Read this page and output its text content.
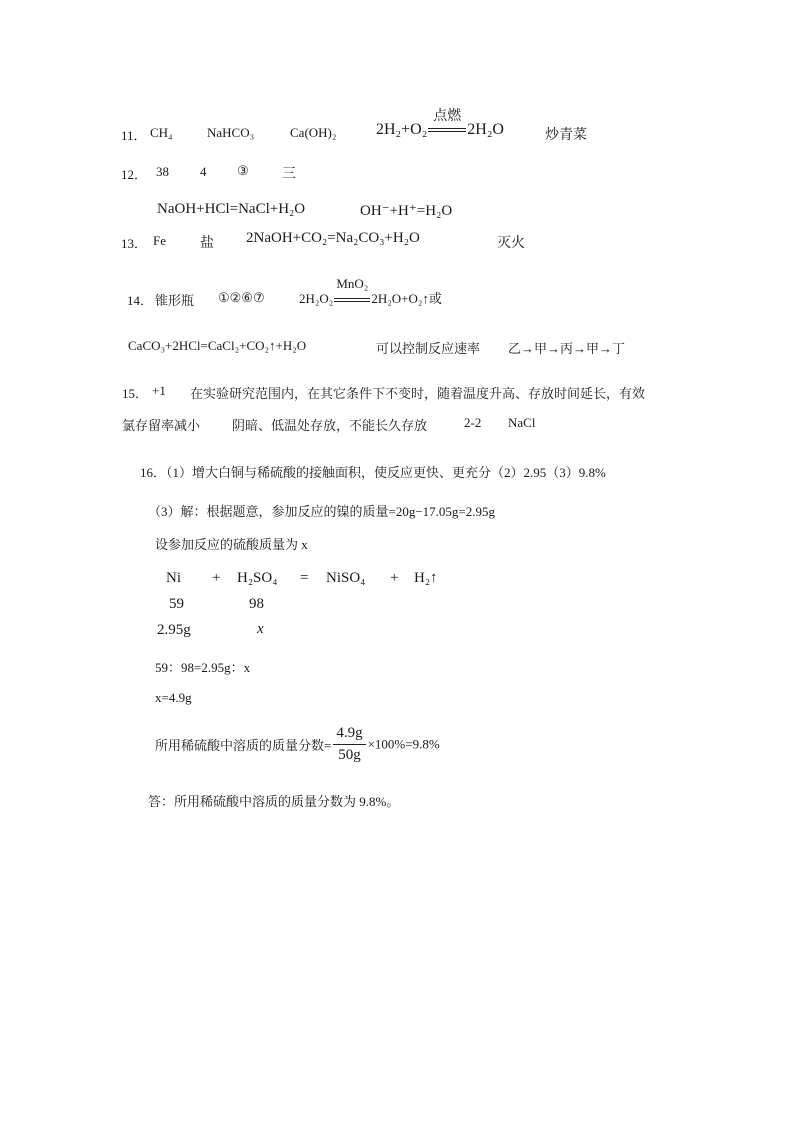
11． CH₄	NaHCO₃	Ca(OH)₂ 2H₂+O₂
点燃
2H₂O	炒青菜
12． 38 4 ③ 三
NaOH+HCl=NaCl+H₂O	OH⁻+H⁺=H₂O
13． Fe 盐 2NaOH+CO₂=Na₂CO₃+H₂O	灭火
14． 锥形瓶 ①②⑥⑦	2H₂O₂
MnO₂
2H₂O+O₂↑或
CaCO₃+2HCl=CaCl₂+CO₂↑+H₂O	可以控制反应速率 乙→甲→丙→甲→丁
15． +1 在实验研究范围内，在其它条件下不变时，随着温度升高、存放时间延长，有效
氯存留率减小 阴暗、低温处存放，不能长久存放	2-2 NaCl
16．（1）增大白铜与稀硫酸的接触面积，使反应更快、更充分（2）2.95（3）9.8%
（3）解：根据题意，参加反应的镍的质量=20g−17.05g=2.95g
设参加反应的硫酸质量为 x
Ni + H₂SO₄ = NiSO₄ + H₂↑
59	98
2.95g	x
59：98=2.95g：x
x=4.9g
所用稀硫酸中溶质的质量分数= $\frac{4.9g}{50g} \times 100\%=9.8\%$
答：所用稀硫酸中溶质的质量分数为 9.8%。
